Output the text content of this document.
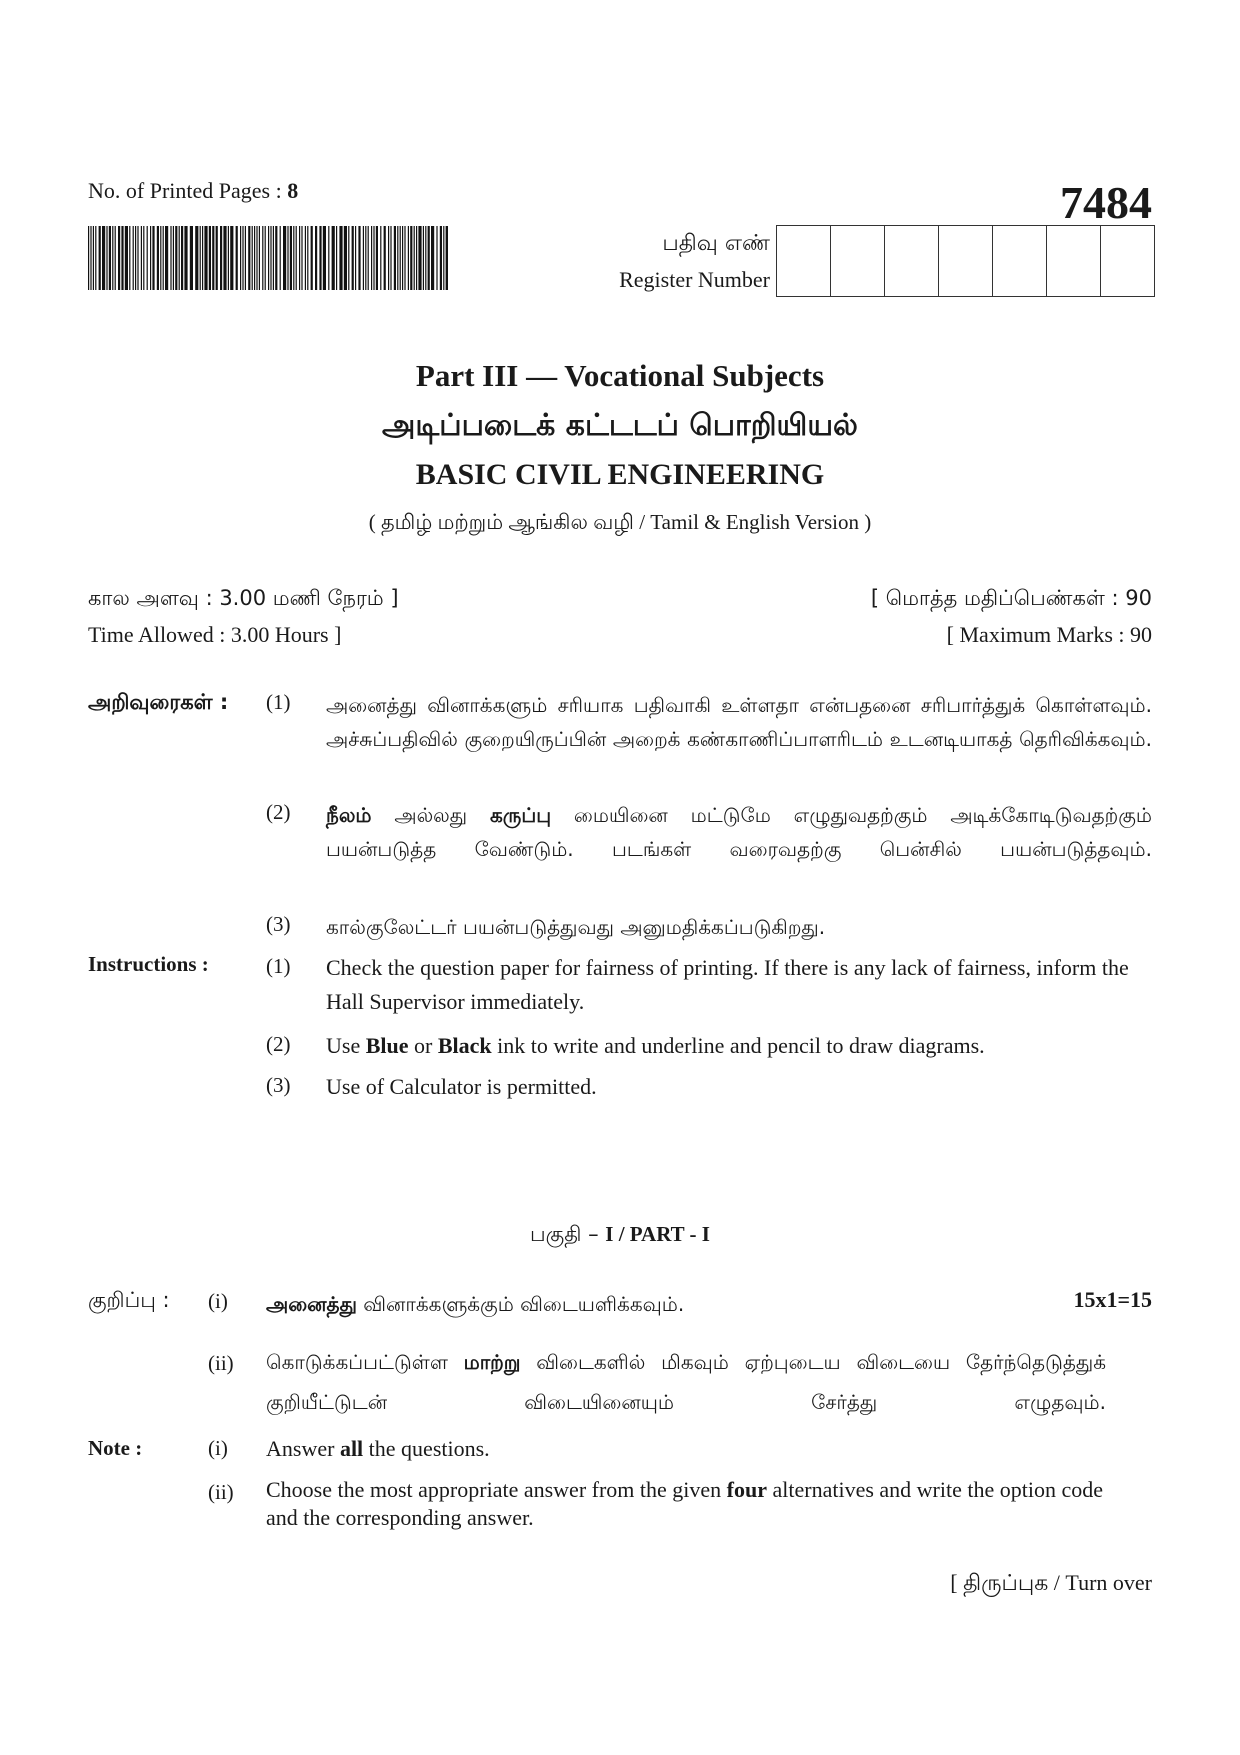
No. of Printed Pages : 8	7484
பதிவு எண்
Register Number
Part III — Vocational Subjects
அடிப்படைக் கட்டடப் பொறியியல்
BASIC CIVIL ENGINEERING
( தமிழ் மற்றும் ஆங்கில வழி / Tamil & English Version )
கால அளவு : 3.00 மணி நேரம் ]
Time Allowed : 3.00 Hours ]
[ மொத்த மதிப்பெண்கள் : 90
[ Maximum Marks : 90
அறிவுரைகள் : (1) அனைத்து வினாக்களும் சரியாக பதிவாகி உள்ளதா என்பதனை சரிபார்த்துக் கொள்ளவும். அச்சுப்பதிவில் குறையிருப்பின் அறைக் கண்காணிப்பாளரிடம் உடனடியாகத் தெரிவிக்கவும்.
(2) நீலம் அல்லது கருப்பு மையினை மட்டுமே எழுதுவதற்கும் அடிக்கோடிடுவதற்கும் பயன்படுத்த வேண்டும். படங்கள் வரைவதற்கு பென்சில் பயன்படுத்தவும்.
(3) கால்குலேட்டர் பயன்படுத்துவது அனுமதிக்கப்படுகிறது.
Instructions :	(1) Check the question paper for fairness of printing. If there is any lack of fairness, inform the Hall Supervisor immediately.
(2) Use Blue or Black ink to write and underline and pencil to draw diagrams.
(3) Use of Calculator is permitted.
பகுதி – I / PART - I
குறிப்பு : (i) அனைத்து வினாக்களுக்கும் விடையளிக்கவும்.	15x1=15
(ii) கொடுக்கப்பட்டுள்ள மாற்று விடைகளில் மிகவும் ஏற்புடைய விடையை தேர்ந்தெடுத்துக் குறியீட்டுடன் விடையினையும் சேர்த்து எழுதவும்.
Note :	(i) Answer all the questions.
(ii) Choose the most appropriate answer from the given four alternatives and write the option code and the corresponding answer.
[ திருப்புக / Turn over
